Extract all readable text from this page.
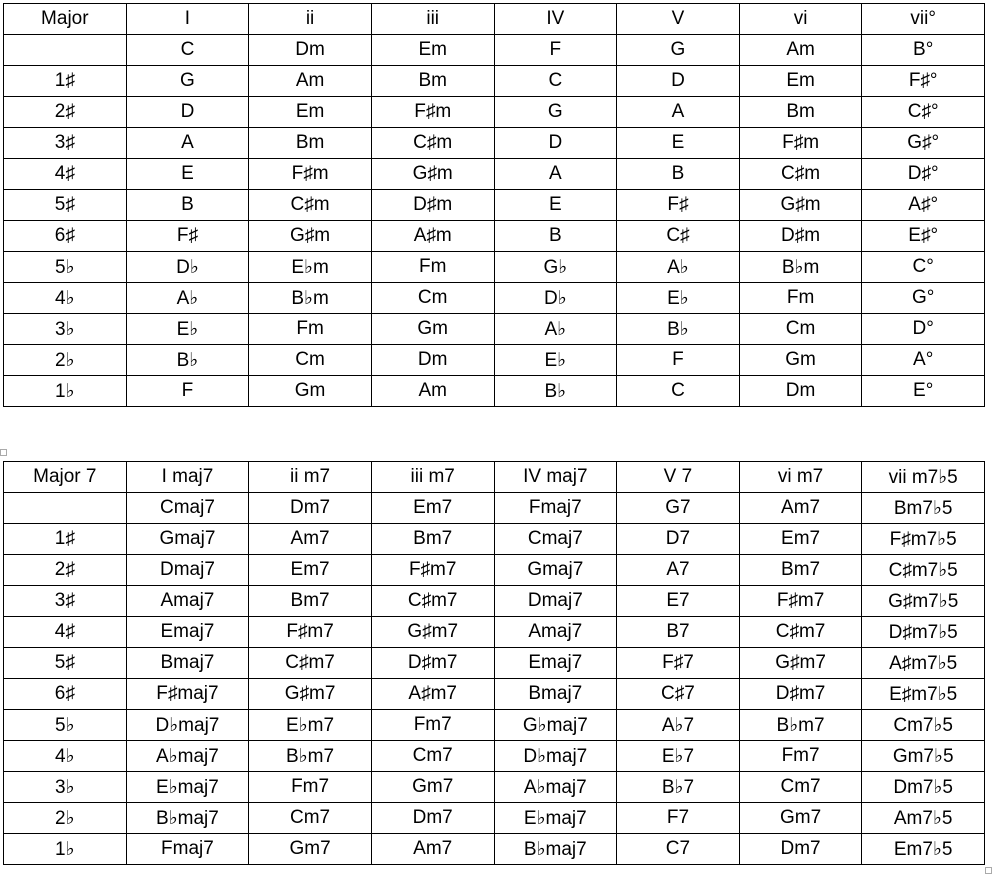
Major	I	ii	iii	IV	V	vi	vii°
	C	Dm	Em	F	G	Am	B°
1♯	G	Am	Bm	C	D	Em	F♯°
2♯	D	Em	F♯m	G	A	Bm	C♯°
3♯	A	Bm	C♯m	D	E	F♯m	G♯°
4♯	E	F♯m	G♯m	A	B	C♯m	D♯°
5♯	B	C♯m	D♯m	E	F♯	G♯m	A♯°
6♯	F♯	G♯m	A♯m	B	C♯	D♯m	E♯°
5♭	D♭	E♭m	Fm	G♭	A♭	B♭m	C°
4♭	A♭	B♭m	Cm	D♭	E♭	Fm	G°
3♭	E♭	Fm	Gm	A♭	B♭	Cm	D°
2♭	B♭	Cm	Dm	E♭	F	Gm	A°
1♭	F	Gm	Am	B♭	C	Dm	E°
Major 7	I maj7	ii m7	iii m7	IV maj7	V 7	vi m7	vii m7♭5
	Cmaj7	Dm7	Em7	Fmaj7	G7	Am7	Bm7♭5
1♯	Gmaj7	Am7	Bm7	Cmaj7	D7	Em7	F♯m7♭5
2♯	Dmaj7	Em7	F♯m7	Gmaj7	A7	Bm7	C♯m7♭5
3♯	Amaj7	Bm7	C♯m7	Dmaj7	E7	F♯m7	G♯m7♭5
4♯	Emaj7	F♯m7	G♯m7	Amaj7	B7	C♯m7	D♯m7♭5
5♯	Bmaj7	C♯m7	D♯m7	Emaj7	F♯7	G♯m7	A♯m7♭5
6♯	F♯maj7	G♯m7	A♯m7	Bmaj7	C♯7	D♯m7	E♯m7♭5
5♭	D♭maj7	E♭m7	Fm7	G♭maj7	A♭7	B♭m7	Cm7♭5
4♭	A♭maj7	B♭m7	Cm7	D♭maj7	E♭7	Fm7	Gm7♭5
3♭	E♭maj7	Fm7	Gm7	A♭maj7	B♭7	Cm7	Dm7♭5
2♭	B♭maj7	Cm7	Dm7	E♭maj7	F7	Gm7	Am7♭5
1♭	Fmaj7	Gm7	Am7	B♭maj7	C7	Dm7	Em7♭5
